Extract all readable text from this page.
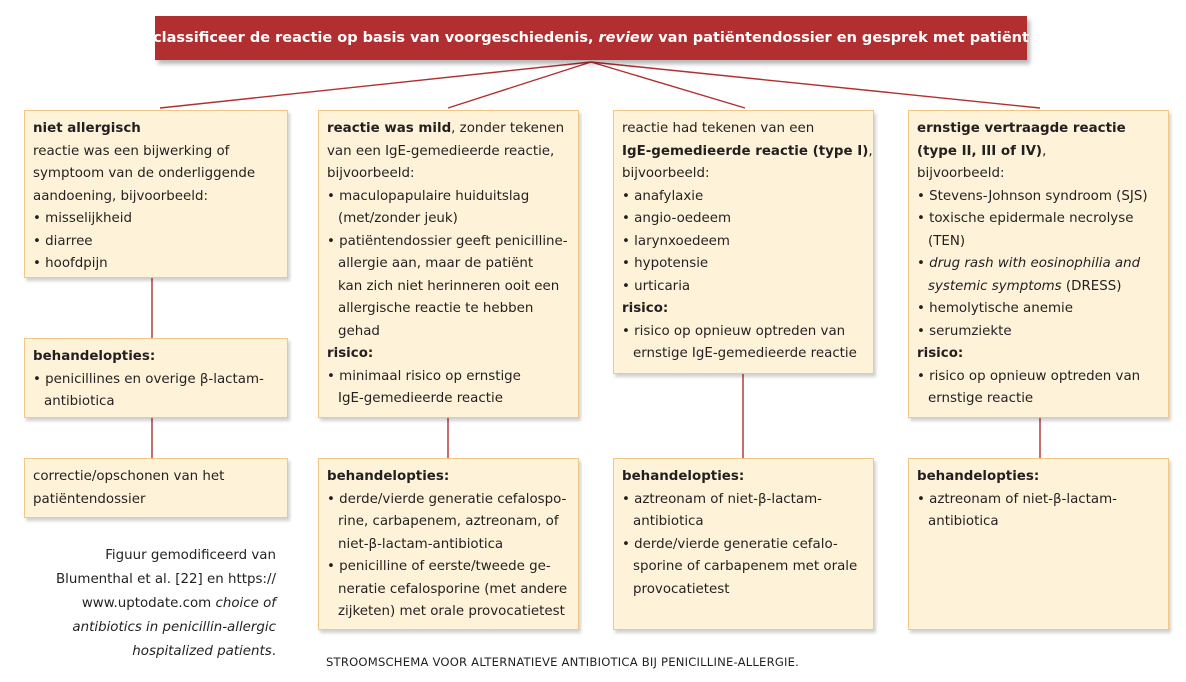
classificeer de reactie op basis van voorgeschiedenis, review van patiëntendossier en gesprek met patiënt
niet allergisch
reactie was een bijwerking of
symptoom van de onderliggende
aandoening, bijvoorbeeld:
• misselijkheid
• diarree
• hoofdpijn
behandelopties:
• penicillines en overige β-lactam-
antibiotica
correctie/opschonen van het
patiëntendossier
reactie was mild, zonder tekenen
van een IgE-gemedieerde reactie,
bijvoorbeeld:
• maculopapulaire huiduitslag
(met/zonder jeuk)
• patiëntendossier geeft penicilline-
allergie aan, maar de patiënt
kan zich niet herinneren ooit een
allergische reactie te hebben
gehad
risico:
• minimaal risico op ernstige
IgE-gemedieerde reactie
behandelopties:
• derde/vierde generatie cefalospo-
rine, carbapenem, aztreonam, of
niet-β-lactam-antibiotica
• penicilline of eerste/tweede ge-
neratie cefalosporine (met andere
zijketen) met orale provocatietest
reactie had tekenen van een
IgE-gemedieerde reactie (type I),
bijvoorbeeld:
• anafylaxie
• angio-oedeem
• larynxoedeem
• hypotensie
• urticaria
risico:
• risico op opnieuw optreden van
ernstige IgE-gemedieerde reactie
behandelopties:
• aztreonam of niet-β-lactam-
antibiotica
• derde/vierde generatie cefalo-
sporine of carbapenem met orale
provocatietest
ernstige vertraagde reactie
(type II, III of IV),
bijvoorbeeld:
• Stevens-Johnson syndroom (SJS)
• toxische epidermale necrolyse
(TEN)
• drug rash with eosinophilia and
systemic symptoms (DRESS)
• hemolytische anemie
• serumziekte
risico:
• risico op opnieuw optreden van
ernstige reactie
behandelopties:
• aztreonam of niet-β-lactam-
antibiotica
Figuur gemodificeerd van
Blumenthal et al. [22] en https://
www.uptodate.com choice of
antibiotics in penicillin-allergic
hospitalized patients.
STROOMSCHEMA VOOR ALTERNATIEVE ANTIBIOTICA BIJ PENICILLINE-ALLERGIE.
